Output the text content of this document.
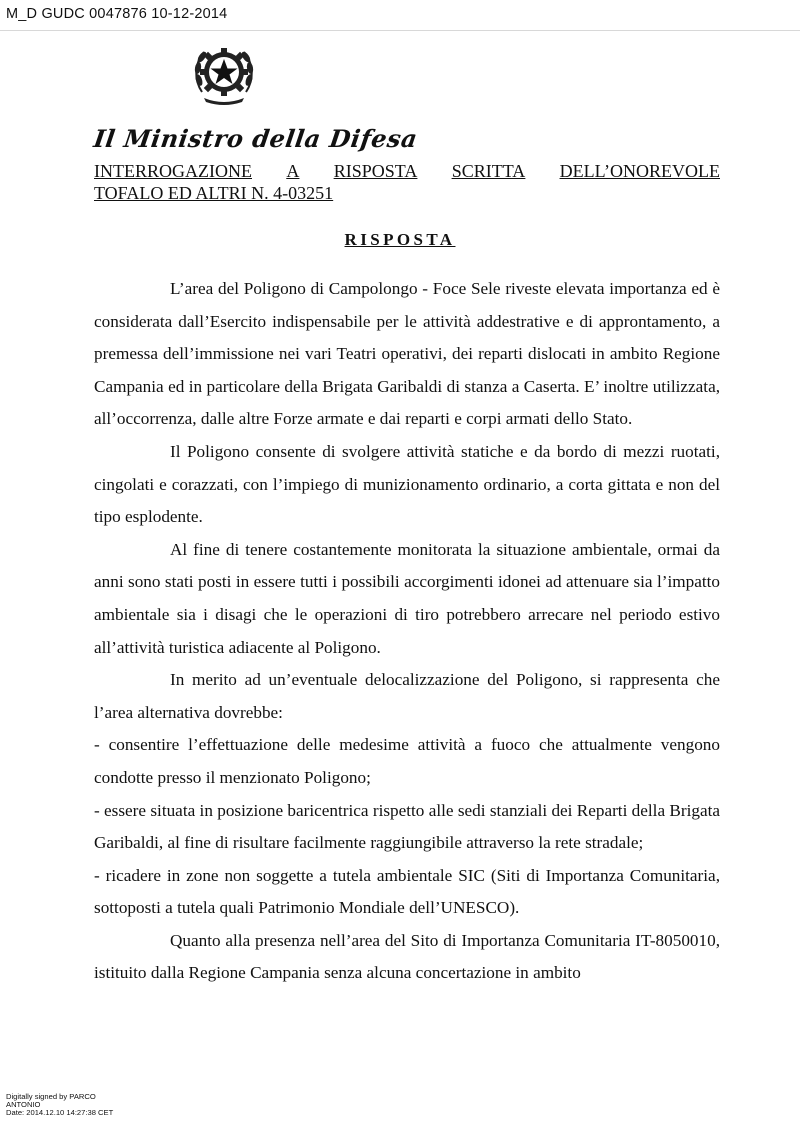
M_D GUDC 0047876 10-12-2014
Il Ministro della Difesa
INTERROGAZIONE A RISPOSTA SCRITTA DELL’ONOREVOLE
TOFALO ED ALTRI N. 4-03251
RISPOSTA

L’area del Poligono di Campolongo - Foce Sele riveste elevata importanza ed è considerata dall’Esercito indispensabile per le attività addestrative e di approntamento, a premessa dell’immissione nei vari Teatri operativi, dei reparti dislocati in ambito Regione Campania ed in particolare della Brigata Garibaldi di stanza a Caserta. E’ inoltre utilizzata, all’occorrenza, dalle altre Forze armate e dai reparti e corpi armati dello Stato.

Il Poligono consente di svolgere attività statiche e da bordo di mezzi ruotati, cingolati e corazzati, con l’impiego di munizionamento ordinario, a corta gittata e non del tipo esplodente.

Al fine di tenere costantemente monitorata la situazione ambientale, ormai da anni sono stati posti in essere tutti i possibili accorgimenti idonei ad attenuare sia l’impatto ambientale sia i disagi che le operazioni di tiro potrebbero arrecare nel periodo estivo all’attività turistica adiacente al Poligono.

In merito ad un’eventuale delocalizzazione del Poligono, si rappresenta che l’area alternativa dovrebbe:

- consentire l’effettuazione delle medesime attività a fuoco che attualmente vengono condotte presso il menzionato Poligono;

- essere situata in posizione baricentrica rispetto alle sedi stanziali dei Reparti della Brigata Garibaldi, al fine di risultare facilmente raggiungibile attraverso la rete stradale;

- ricadere in zone non soggette a tutela ambientale SIC (Siti di Importanza Comunitaria, sottoposti a tutela quali Patrimonio Mondiale dell’UNESCO).

Quanto alla presenza nell’area del Sito di Importanza Comunitaria IT-8050010, istituito dalla Regione Campania senza alcuna concertazione in ambito

Digitally signed by PARCO
ANTONIO
Date: 2014.12.10 14:27:38 CET
